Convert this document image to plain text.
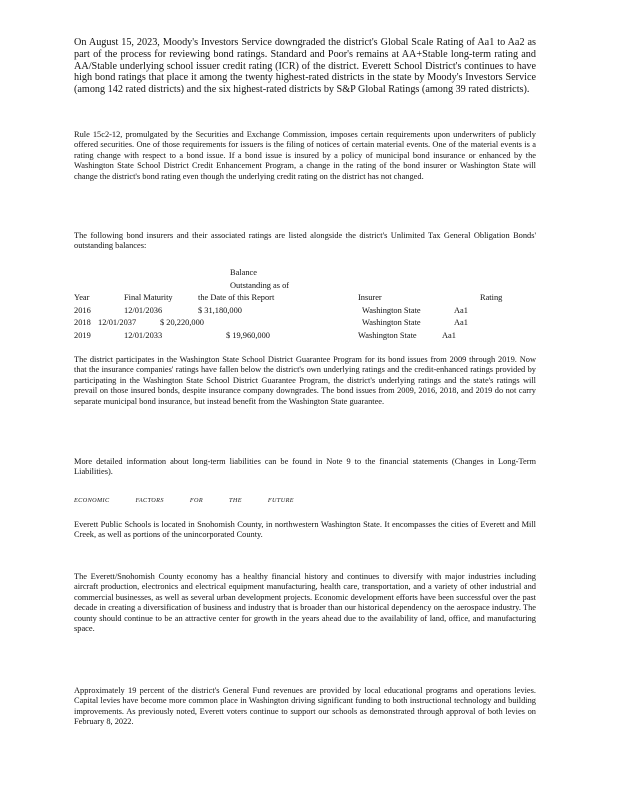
On August 15, 2023, Moody's Investors Service downgraded the district's Global Scale Rating of Aa1 to Aa2 as part of the process for reviewing bond ratings. Standard and Poor's remains at AA+Stable long-term rating and AA/Stable underlying school issuer credit rating (ICR) of the district. Everett School District's continues to have high bond ratings that place it among the twenty highest-rated districts in the state by Moody's Investors Service (among 142 rated districts) and the six highest-rated districts by S&P Global Ratings (among 39 rated districts).

Rule 15c2-12, promulgated by the Securities and Exchange Commission, imposes certain requirements upon underwriters of publicly offered securities. One of those requirements for issuers is the filing of notices of certain material events. One of the material events is a rating change with respect to a bond issue. If a bond issue is insured by a policy of municipal bond insurance or enhanced by the Washington State School District Credit Enhancement Program, a change in the rating of the bond insurer or Washington State will change the district's bond rating even though the underlying credit rating on the district has not changed.

The following bond insurers and their associated ratings are listed alongside the district's Unlimited Tax General Obligation Bonds' outstanding balances:

Balance
Outstanding as of
Year	Final Maturity	the Date of this Report	Insurer	Rating
2016	12/01/2036	$ 31,180,000	Washington State	Aa1
2018 12/01/2037	$ 20,220,000	Washington State	Aa1
2019	12/01/2033	$ 19,960,000	Washington State	Aa1

The district participates in the Washington State School District Guarantee Program for its bond issues from 2009 through 2019. Now that the insurance companies' ratings have fallen below the district's own underlying ratings and the credit-enhanced ratings provided by participating in the Washington State School District Guarantee Program, the district's underlying ratings and the state's ratings will prevail on those insured bonds, despite insurance company downgrades. The bond issues from 2009, 2016, 2018, and 2019 do not carry separate municipal bond insurance, but instead benefit from the Washington State guarantee.

More detailed information about long-term liabilities can be found in Note 9 to the financial statements (Changes in Long-Term Liabilities).

ECONOMIC	FACTORS	FOR	THE	FUTURE

Everett Public Schools is located in Snohomish County, in northwestern Washington State. It encompasses the cities of Everett and Mill Creek, as well as portions of the unincorporated County.

The Everett/Snohomish County economy has a healthy financial history and continues to diversify with major industries including aircraft production, electronics and electrical equipment manufacturing, health care, transportation, and a variety of other industrial and commercial businesses, as well as several urban development projects. Economic development efforts have been successful over the past decade in creating a diversification of business and industry that is broader than our historical dependency on the aerospace industry. The county should continue to be an attractive center for growth in the years ahead due to the availability of land, office, and manufacturing space.

Approximately 19 percent of the district's General Fund revenues are provided by local educational programs and operations levies. Capital levies have become more common place in Washington driving significant funding to both instructional technology and building improvements. As previously noted, Everett voters continue to support our schools as demonstrated through approval of both levies on February 8, 2022.
